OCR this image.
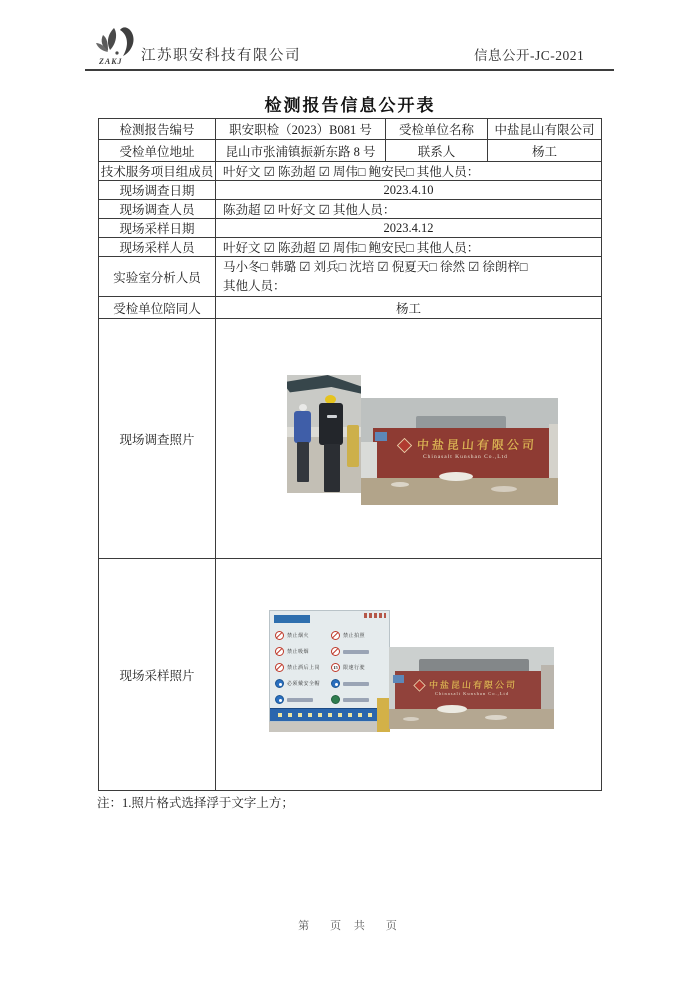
ZAKJ 江苏职安科技有限公司	信息公开-JC-2021
检测报告信息公开表
检测报告编号	职安职检（2023）B081 号	受检单位名称	中盐昆山有限公司
受检单位地址	昆山市张浦镇振新东路 8 号	联系人	杨工
技术服务项目组成员	叶好文 ☑ 陈劲超 ☑ 周伟□ 鲍安民□ 其他人员：		
现场调查日期	2023.4.10		
现场调查人员	陈劲超 ☑ 叶好文 ☑ 其他人员：		
现场采样日期	2023.4.12		
现场采样人员	叶好文 ☑ 陈劲超 ☑ 周伟□ 鲍安民□ 其他人员：		
实验室分析人员	马小冬□ 韩璐 ☑ 刘兵□ 沈培 ☑ 倪夏天□ 徐然 ☑ 徐朗梓□
其他人员：		

受检单位陪同人	杨工		
现场调查照片	中盐昆山有限公司
Chinasalt Kunshan Co.,Ltd		

现场采样照片	
禁止烟火	禁止拍照
禁止吸烟
禁止酒后上岗	15	限速行驶
必须戴安全帽	中盐昆山有限公司
Chinasalt Kunshan Co.,Ltd
注：1.照片格式选择浮于文字上方；
第　页 共　页
